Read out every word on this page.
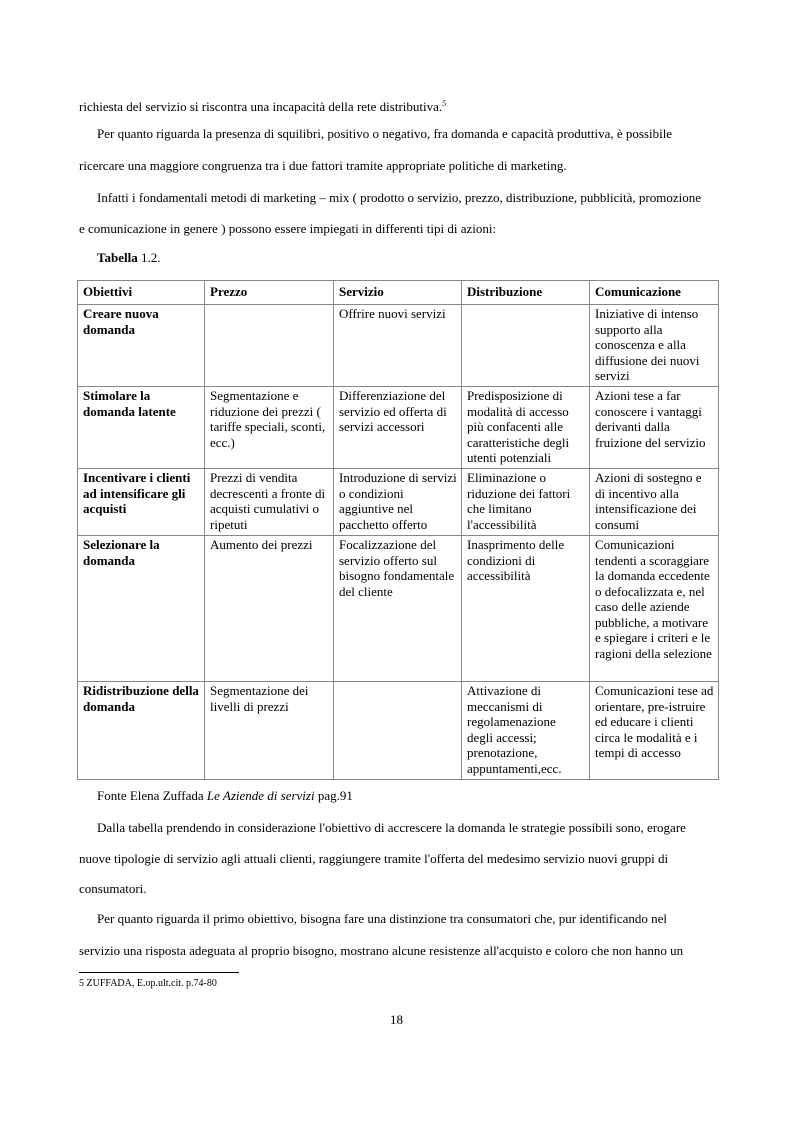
richiesta del servizio si riscontra una incapacità della rete distributiva.$^5$
Per quanto riguarda la presenza di squilibri, positivo o negativo, fra domanda e capacità produttiva, è possibile
ricercare una maggiore congruenza tra i due fattori tramite appropriate politiche di marketing.
Infatti i fondamentali metodi di marketing – mix ( prodotto o servizio, prezzo, distribuzione, pubblicità, promozione
e comunicazione in genere ) possono essere impiegati in differenti tipi di azioni:
Tabella 1.2.
Obiettivi	Prezzo	Servizio	Distribuzione	Comunicazione
Creare nuova domanda		Offrire nuovi servizi		Iniziative di intenso supporto alla conoscenza e alla diffusione dei nuovi servizi
Stimolare la domanda latente	Segmentazione e riduzione dei prezzi ( tariffe speciali, sconti, ecc.)	Differenziazione del servizio ed offerta di servizi accessori	Predisposizione di modalità di accesso più confacenti alle caratteristiche degli utenti potenziali	Azioni tese a far conoscere i vantaggi derivanti dalla fruizione del servizio
Incentivare i clienti ad intensificare gli acquisti	Prezzi di vendita decrescenti a fronte di acquisti cumulativi o ripetuti	Introduzione di servizi o condizioni aggiuntive nel pacchetto offerto	Eliminazione o riduzione dei fattori che limitano l'accessibilità	Azioni di sostegno e di incentivo alla intensificazione dei consumi
Selezionare la domanda	Aumento dei prezzi	Focalizzazione del servizio offerto sul bisogno fondamentale del cliente	Inasprimento delle condizioni di accessibilità	Comunicazioni tendenti a scoraggiare la domanda eccedente o defocalizzata e, nel caso delle aziende pubbliche, a motivare e spiegare i criteri e le ragioni della selezione
Ridistribuzione della domanda	Segmentazione dei livelli di prezzi		Attivazione di meccanismi di regolamenazione degli accessi; prenotazione, appuntamenti,ecc.	Comunicazioni tese ad orientare, pre-istruire ed educare i clienti circa le modalità e i tempi di accesso
Fonte Elena Zuffada Le Aziende di servizi pag.91
Dalla tabella prendendo in considerazione l'obiettivo di accrescere la domanda le strategie possibili sono, erogare
nuove tipologie di servizio agli attuali clienti, raggiungere tramite l'offerta del medesimo servizio nuovi gruppi di
consumatori.
Per quanto riguarda il primo obiettivo, bisogna fare una distinzione tra consumatori che, pur identificando nel
servizio una risposta adeguata al proprio bisogno, mostrano alcune resistenze all'acquisto e coloro che non hanno un
5 ZUFFADA, E.op.ult.cit. p.74-80
18
